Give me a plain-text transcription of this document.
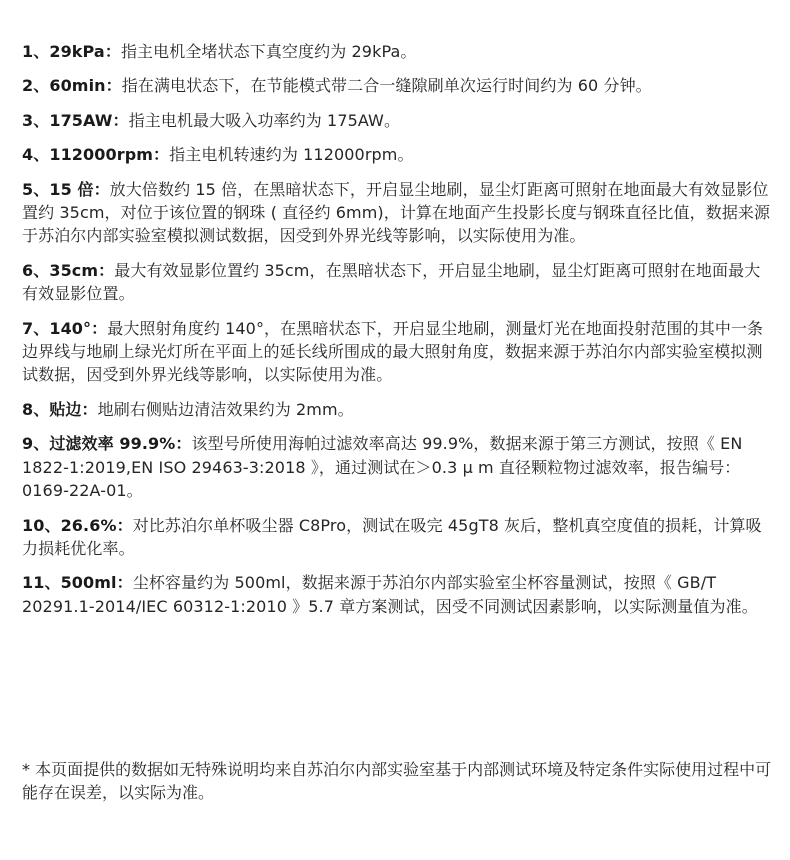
1、29kPa：指主电机全堵状态下真空度约为 29kPa。

2、60min：指在满电状态下，在节能模式带二合一缝隙刷单次运行时间约为 60 分钟。

3、175AW：指主电机最大吸入功率约为 175AW。

4、112000rpm：指主电机转速约为 112000rpm。

5、15 倍：放大倍数约 15 倍，在黑暗状态下，开启显尘地刷，显尘灯距离可照射在地面最大有效显影位置约 35cm，对位于该位置的钢珠 ( 直径约 6mm)，计算在地面产生投影长度与钢珠直径比值，数据来源于苏泊尔内部实验室模拟测试数据，因受到外界光线等影响，以实际使用为准。

6、35cm：最大有效显影位置约 35cm，在黑暗状态下，开启显尘地刷，显尘灯距离可照射在地面最大有效显影位置。

7、140°：最大照射角度约 140°，在黑暗状态下，开启显尘地刷，测量灯光在地面投射范围的其中一条边界线与地刷上绿光灯所在平面上的延长线所围成的最大照射角度，数据来源于苏泊尔内部实验室模拟测试数据，因受到外界光线等影响，以实际使用为准。

8、贴边：地刷右侧贴边清洁效果约为 2mm。

9、过滤效率 99.9%：该型号所使用海帕过滤效率高达 99.9%，数据来源于第三方测试，按照《 EN 1822-1:2019,EN ISO 29463-3:2018 》，通过测试在＞0.3 μ m 直径颗粒物过滤效率，报告编号：0169-22A-01。

10、26.6%：对比苏泊尔单杯吸尘器 C8Pro，测试在吸完 45gT8 灰后，整机真空度值的损耗，计算吸力损耗优化率。

11、500ml：尘杯容量约为 500ml，数据来源于苏泊尔内部实验室尘杯容量测试，按照《 GB/T 20291.1-2014/IEC 60312-1:2010 》5.7 章方案测试，因受不同测试因素影响，以实际测量值为准。

* 本页面提供的数据如无特殊说明均来自苏泊尔内部实验室基于内部测试环境及特定条件实际使用过程中可能存在误差，以实际为准。
